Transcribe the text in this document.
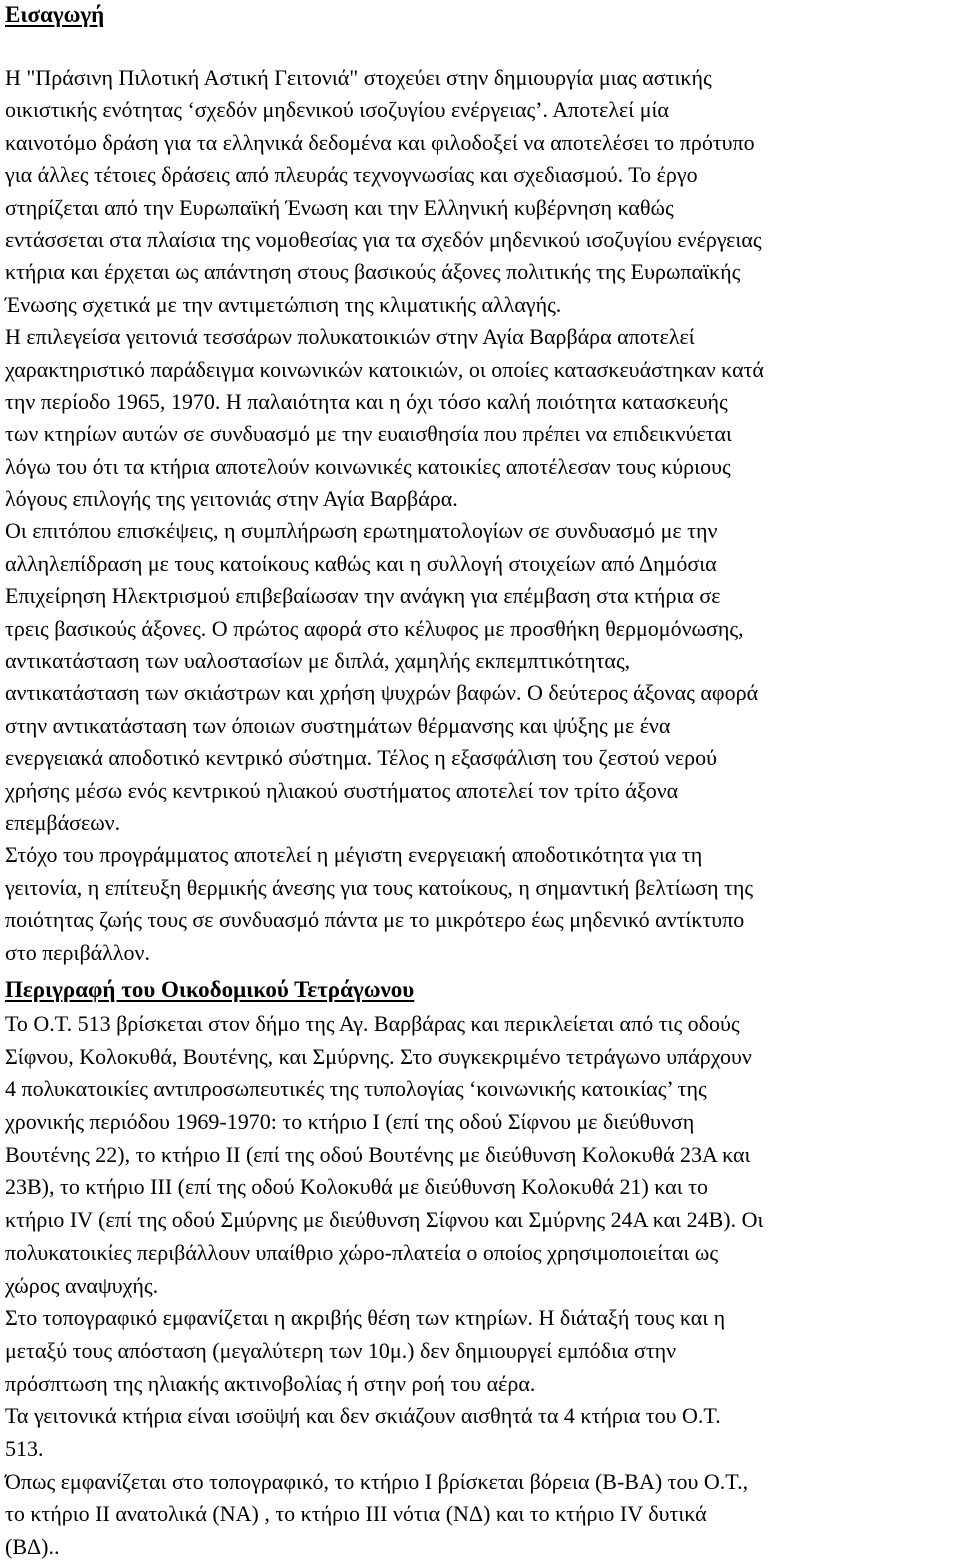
Εισαγωγή
Η "Πράσινη Πιλοτική Αστική Γειτονιά" στοχεύει στην δημιουργία μιας αστικής
οικιστικής ενότητας ‘σχεδόν μηδενικού ισοζυγίου ενέργειας’. Αποτελεί μία
καινοτόμο δράση για τα ελληνικά δεδομένα και φιλοδοξεί να αποτελέσει το πρότυπο
για άλλες τέτοιες δράσεις από πλευράς τεχνογνωσίας και σχεδιασμού. Το έργο
στηρίζεται από την Ευρωπαϊκή Ένωση και την Ελληνική κυβέρνηση καθώς
εντάσσεται στα πλαίσια της νομοθεσίας για τα σχεδόν μηδενικού ισοζυγίου ενέργειας
κτήρια και έρχεται ως απάντηση στους βασικούς άξονες πολιτικής της Ευρωπαϊκής
Ένωσης σχετικά με την αντιμετώπιση της κλιματικής αλλαγής.
Η επιλεγείσα γειτονιά τεσσάρων πολυκατοικιών στην Αγία Βαρβάρα αποτελεί
χαρακτηριστικό παράδειγμα κοινωνικών κατοικιών, οι οποίες κατασκευάστηκαν κατά
την περίοδο 1965, 1970. Η παλαιότητα και η όχι τόσο καλή ποιότητα κατασκευής
των κτηρίων αυτών σε συνδυασμό με την ευαισθησία που πρέπει να επιδεικνύεται
λόγω του ότι τα κτήρια αποτελούν κοινωνικές κατοικίες αποτέλεσαν τους κύριους
λόγους επιλογής της γειτονιάς στην Αγία Βαρβάρα.
Οι επιτόπου επισκέψεις, η συμπλήρωση ερωτηματολογίων σε συνδυασμό με την
αλληλεπίδραση με τους κατοίκους καθώς και η συλλογή στοιχείων από Δημόσια
Επιχείρηση Ηλεκτρισμού επιβεβαίωσαν την ανάγκη για επέμβαση στα κτήρια σε
τρεις βασικούς άξονες. Ο πρώτος αφορά στο κέλυφος με προσθήκη θερμομόνωσης,
αντικατάσταση των υαλοστασίων με διπλά, χαμηλής εκπεμπτικότητας,
αντικατάσταση των σκιάστρων και χρήση ψυχρών βαφών. Ο δεύτερος άξονας αφορά
στην αντικατάσταση των όποιων συστημάτων θέρμανσης και ψύξης με ένα
ενεργειακά αποδοτικό κεντρικό σύστημα. Τέλος η εξασφάλιση του ζεστού νερού
χρήσης μέσω ενός κεντρικού ηλιακού συστήματος αποτελεί τον τρίτο άξονα
επεμβάσεων.
Στόχο του προγράμματος αποτελεί η μέγιστη ενεργειακή αποδοτικότητα για τη
γειτονία, η επίτευξη θερμικής άνεσης για τους κατοίκους, η σημαντική βελτίωση της
ποιότητας ζωής τους σε συνδυασμό πάντα με το μικρότερο έως μηδενικό αντίκτυπο
στο περιβάλλον.
Περιγραφή του Οικοδομικού Τετράγωνου
Το Ο.Τ. 513 βρίσκεται στον δήμο της Αγ. Βαρβάρας και περικλείεται από τις οδούς
Σίφνου, Κολοκυθά, Βουτένης, και Σμύρνης. Στο συγκεκριμένο τετράγωνο υπάρχουν
4 πολυκατοικίες αντιπροσωπευτικές της τυπολογίας ‘κοινωνικής κατοικίας’ της
χρονικής περιόδου 1969-1970: το κτήριο Ι (επί της οδού Σίφνου με διεύθυνση
Βουτένης 22), το κτήριο ΙΙ (επί της οδού Βουτένης με διεύθυνση Κολοκυθά 23Α και
23Β), το κτήριο ΙΙΙ (επί της οδού Κολοκυθά με διεύθυνση Κολοκυθά 21) και το
κτήριο IV (επί της οδού Σμύρνης με διεύθυνση Σίφνου και Σμύρνης 24Α και 24Β). Οι
πολυκατοικίες περιβάλλουν υπαίθριο χώρο-πλατεία ο οποίος χρησιμοποιείται ως
χώρος αναψυχής.
Στο τοπογραφικό εμφανίζεται η ακριβής θέση των κτηρίων. Η διάταξή τους και η
μεταξύ τους απόσταση (μεγαλύτερη των 10μ.) δεν δημιουργεί εμπόδια στην
πρόσπτωση της ηλιακής ακτινοβολίας ή στην ροή του αέρα.
Τα γειτονικά κτήρια είναι ισοϋψή και δεν σκιάζουν αισθητά τα 4 κτήρια του Ο.Τ.
513.
Όπως εμφανίζεται στο τοπογραφικό, το κτήριο Ι βρίσκεται βόρεια (Β-ΒΑ) του Ο.Τ.,
το κτήριο ΙΙ ανατολικά (ΝΑ) , το κτήριο ΙΙΙ νότια (ΝΔ) και το κτήριο IV δυτικά
(ΒΔ)..
